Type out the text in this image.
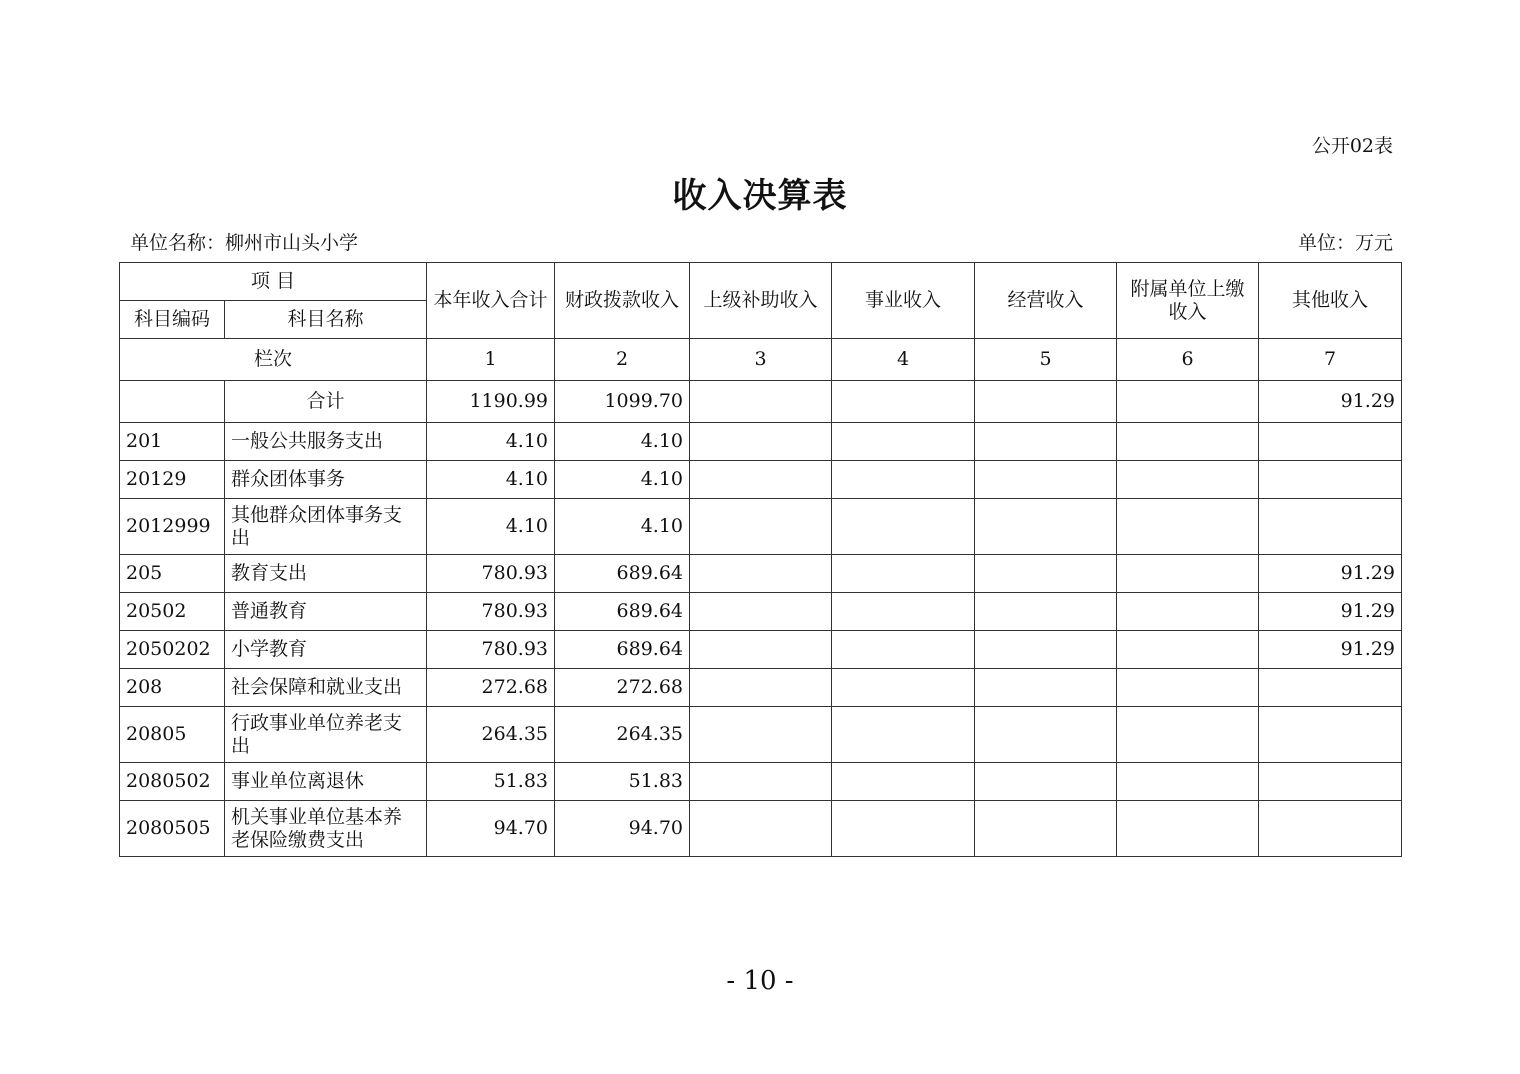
公开02表
收入决算表
单位名称：柳州市山头小学	单位：万元
项 目		本年收入合计	财政拨款收入	上级补助收入	事业收入	经营收入	附属单位上缴收入	其他收入
科目编码	科目名称							
栏次		1	2	3	4	5	6	7
	合计	1190.99	1099.70					91.29
201	一般公共服务支出	4.10	4.10					
20129	群众团体事务	4.10	4.10					
2012999	其他群众团体事务支出	4.10	4.10					
205	教育支出	780.93	689.64					91.29
20502	普通教育	780.93	689.64					91.29
2050202	小学教育	780.93	689.64					91.29
208	社会保障和就业支出	272.68	272.68					
20805	行政事业单位养老支出	264.35	264.35					
2080502	事业单位离退休	51.83	51.83					
2080505	机关事业单位基本养老保险缴费支出	94.70	94.70					
- 10 -
